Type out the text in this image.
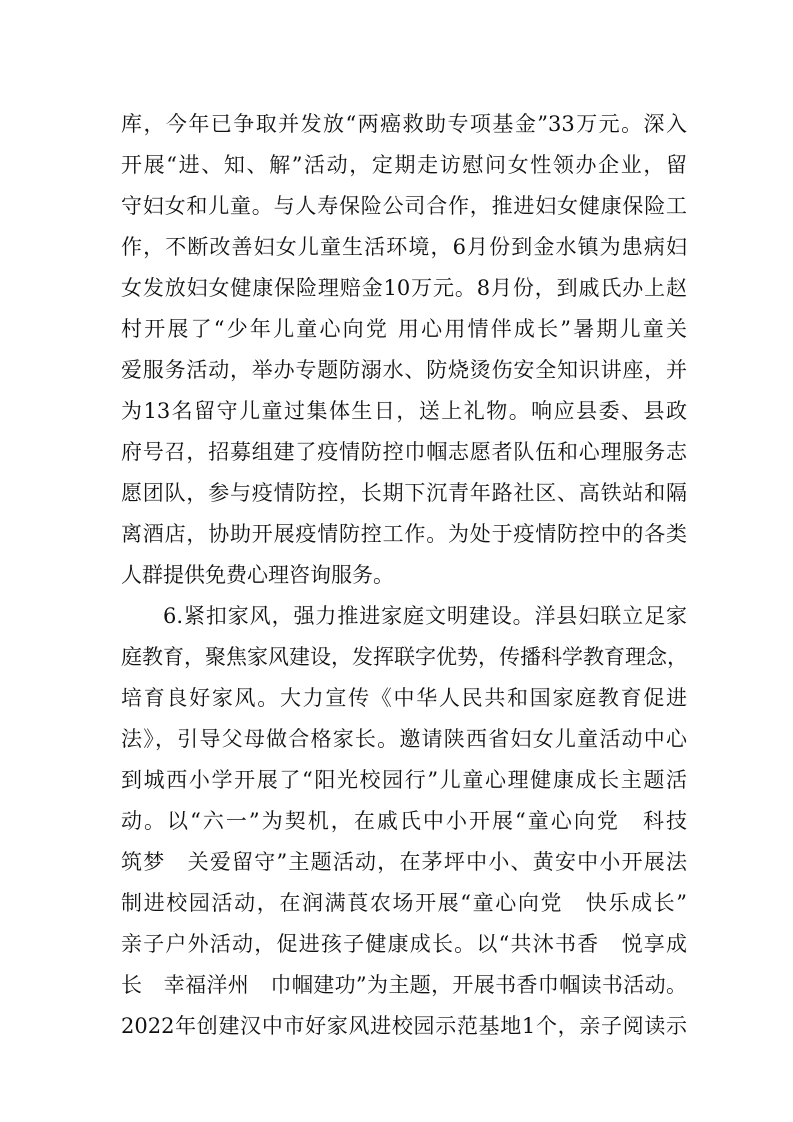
库，今年已争取并发放“两癌救助专项基金”33万元。深入
开展“进、知、解”活动，定期走访慰问女性领办企业，留
守妇女和儿童。与人寿保险公司合作，推进妇女健康保险工
作，不断改善妇女儿童生活环境，6月份到金水镇为患病妇
女发放妇女健康保险理赔金10万元。8月份，到戚氏办上赵
村开展了“少年儿童心向党 用心用情伴成长”暑期儿童关
爱服务活动，举办专题防溺水、防烧烫伤安全知识讲座，并
为13名留守儿童过集体生日，送上礼物。响应县委、县政
府号召，招募组建了疫情防控巾帼志愿者队伍和心理服务志
愿团队，参与疫情防控，长期下沉青年路社区、高铁站和隔
离酒店，协助开展疫情防控工作。为处于疫情防控中的各类
人群提供免费心理咨询服务。
6.紧扣家风，强力推进家庭文明建设。洋县妇联立足家
庭教育，聚焦家风建设，发挥联字优势，传播科学教育理念，
培育良好家风。大力宣传《中华人民共和国家庭教育促进
法》，引导父母做合格家长。邀请陕西省妇女儿童活动中心
到城西小学开展了“阳光校园行”儿童心理健康成长主题活
动。以“六一”为契机，在戚氏中小开展“童心向党　科技
筑梦　关爱留守”主题活动，在茅坪中小、黄安中小开展法
制进校园活动，在润满莨农场开展“童心向党　快乐成长”
亲子户外活动，促进孩子健康成长。以“共沐书香　悦享成
长　幸福洋州　巾帼建功”为主题，开展书香巾帼读书活动。
2022年创建汉中市好家风进校园示范基地1个，亲子阅读示
